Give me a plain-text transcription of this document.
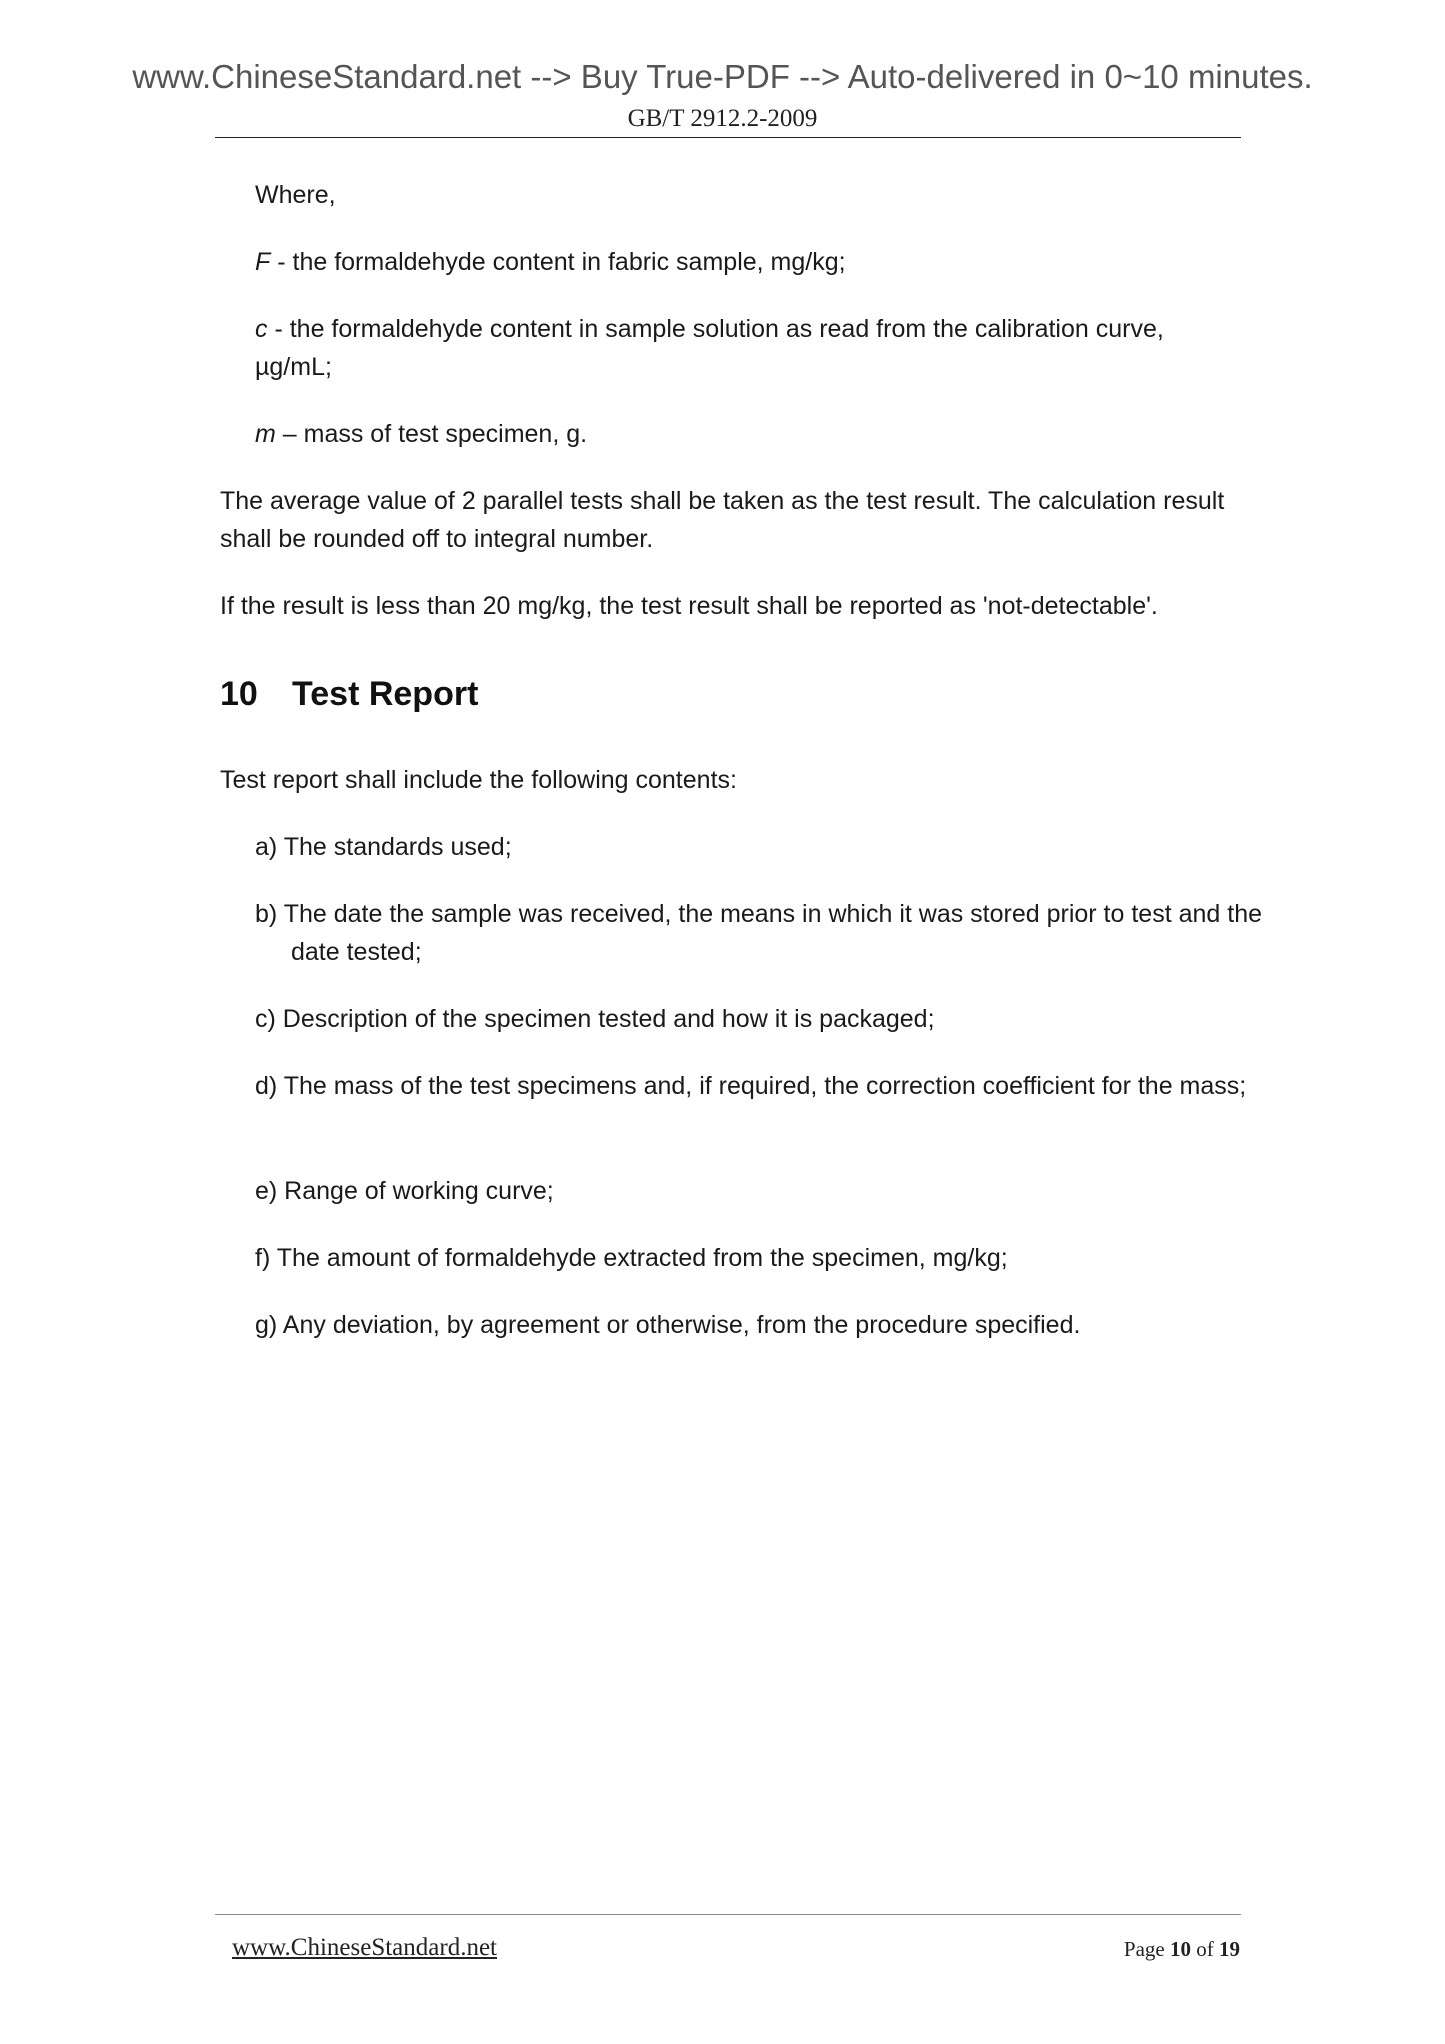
www.ChineseStandard.net --> Buy True-PDF --> Auto-delivered in 0~10 minutes.
GB/T 2912.2-2009

Where,

F - the formaldehyde content in fabric sample, mg/kg;

c - the formaldehyde content in sample solution as read from the calibration curve, µg/mL;

m – mass of test specimen, g.

The average value of 2 parallel tests shall be taken as the test result. The calculation result shall be rounded off to integral number.

If the result is less than 20 mg/kg, the test result shall be reported as 'not-detectable'.

10 Test Report

Test report shall include the following contents:

a) The standards used;

b) The date the sample was received, the means in which it was stored prior to test and the date tested;

c) Description of the specimen tested and how it is packaged;

d) The mass of the test specimens and, if required, the correction coefficient for the mass;

e) Range of working curve;

f) The amount of formaldehyde extracted from the specimen, mg/kg;

g) Any deviation, by agreement or otherwise, from the procedure specified.

www.ChineseStandard.net	Page 10 of 19
